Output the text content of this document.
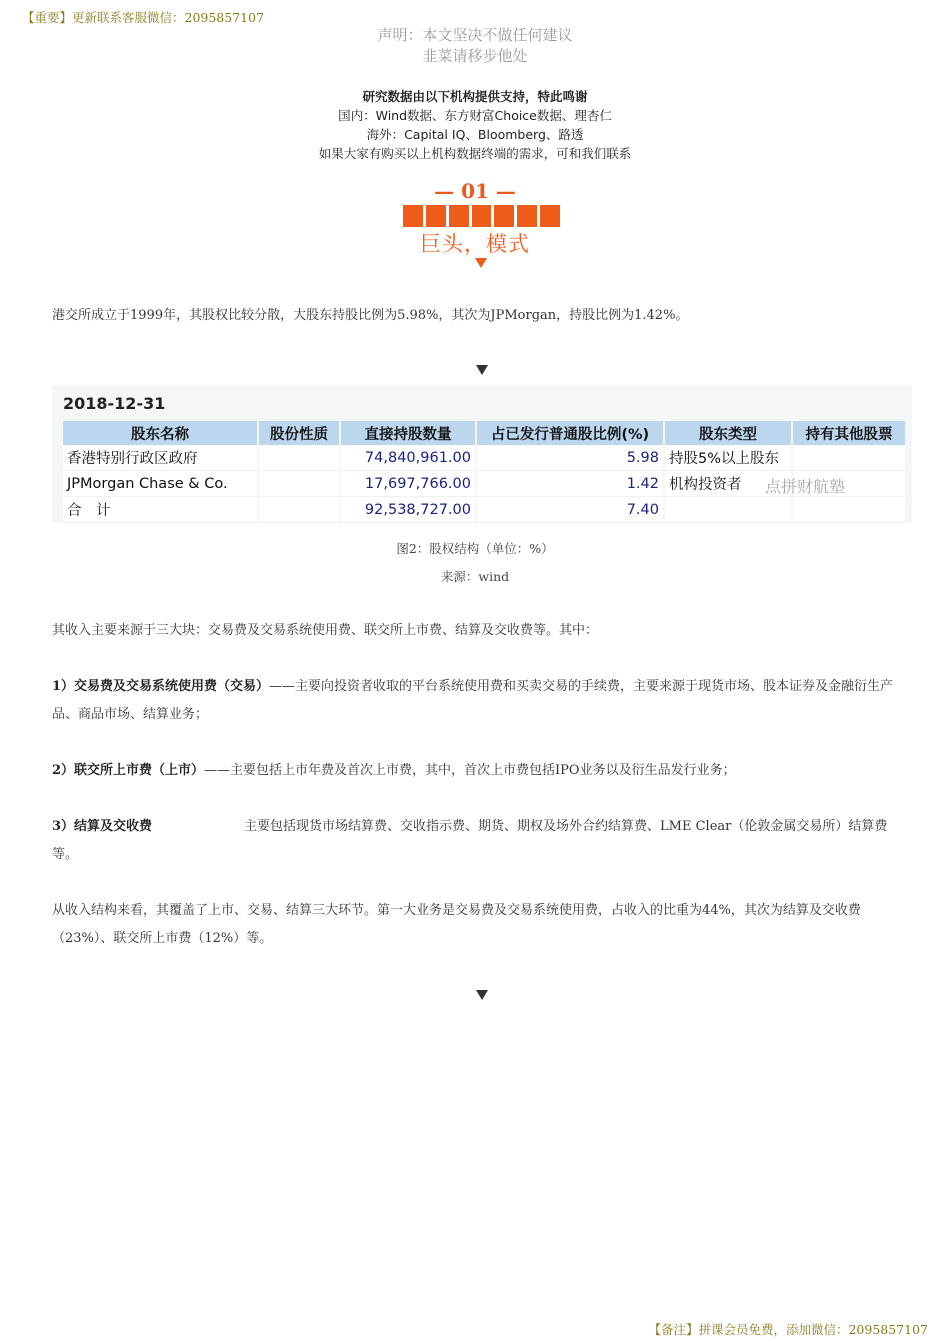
【重要】更新联系客服微信：2095857107
声明：本文坚决不做任何建议
韭菜请移步他处
研究数据由以下机构提供支持，特此鸣谢
国内：Wind数据、东方财富Choice数据、理杏仁
海外：Capital IQ、Bloomberg、路透
如果大家有购买以上机构数据终端的需求，可和我们联系
— 01 —
巨头，模式
港交所成立于1999年，其股权比较分散，大股东持股比例为5.98%，其次为JPMorgan，持股比例为1.42%。
2018-12-31
股东名称	股份性质	直接持股数量	占已发行普通股比例(%)	股东类型	持有其他股票
香港特别行政区政府		74,840,961.00	5.98	持股5%以上股东	
JPMorgan Chase & Co.		17,697,766.00	1.42	机构投资者	
合　计		92,538,727.00	7.40		
点拼财航塾
图2：股权结构（单位：%）
来源：wind
其收入主要来源于三大块：交易费及交易系统使用费、联交所上市费、结算及交收费等。其中：
1）交易费及交易系统使用费（交易）——主要向投资者收取的平台系统使用费和买卖交易的手续费，主要来源于现货市场、股本证券及金融衍生产品、商品市场、结算业务；
2）联交所上市费（上市）——主要包括上市年费及首次上市费，其中，首次上市费包括IPO业务以及衍生品发行业务；
3）结算及交收费	主要包括现货市场结算费、交收指示费、期货、期权及场外合约结算费、LME Clear（伦敦金属交易所）结算费等。
从收入结构来看，其覆盖了上市、交易、结算三大环节。第一大业务是交易费及交易系统使用费，占收入的比重为44%，其次为结算及交收费（23%）、联交所上市费（12%）等。
【备注】拼课会员免费，添加微信：2095857107
